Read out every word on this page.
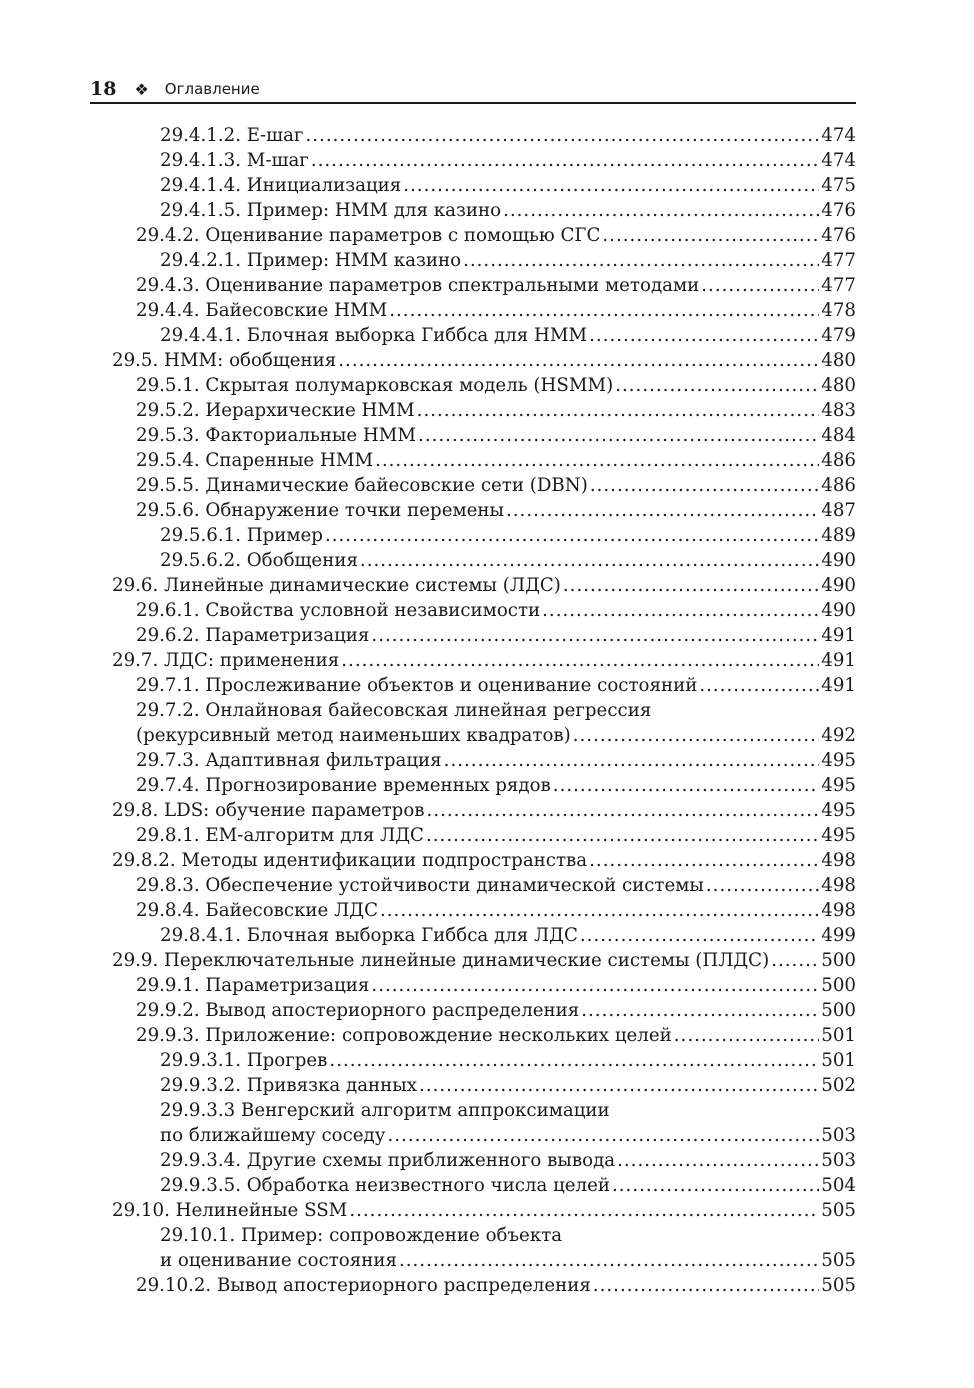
18 ❖ Оглавление
29.4.1.2. Е-шаг .....	474
29.4.1.3. М-шаг .....	474
29.4.1.4. Инициализация .....	475
29.4.1.5. Пример: НММ для казино .....	476
29.4.2. Оценивание параметров с помощью СГС .....	476
29.4.2.1. Пример: НММ казино .....	477
29.4.3. Оценивание параметров спектральными методами .....	477
29.4.4. Байесовские НММ .....	478
29.4.4.1. Блочная выборка Гиббса для НММ .....	479
29.5. НММ: обобщения .....	480
29.5.1. Скрытая полумарковская модель (HSMM) .....	480
29.5.2. Иерархические НММ .....	483
29.5.3. Факториальные НММ .....	484
29.5.4. Спаренные НММ .....	486
29.5.5. Динамические байесовские сети (DBN) .....	486
29.5.6. Обнаружение точки перемены .....	487
29.5.6.1. Пример .....	489
29.5.6.2. Обобщения .....	490
29.6. Линейные динамические системы (ЛДС) .....	490
29.6.1. Свойства условной независимости .....	490
29.6.2. Параметризация .....	491
29.7. ЛДС: применения .....	491
29.7.1. Прослеживание объектов и оценивание состояний .....	491
29.7.2. Онлайновая байесовская линейная регрессия
(рекурсивный метод наименьших квадратов) .....	492
29.7.3. Адаптивная фильтрация .....	495
29.7.4. Прогнозирование временных рядов .....	495
29.8. LDS: обучение параметров .....	495
29.8.1. ЕМ-алгоритм для ЛДС .....	495
29.8.2. Методы идентификации подпространства .....	498
29.8.3. Обеспечение устойчивости динамической системы .....	498
29.8.4. Байесовские ЛДС .....	498
29.8.4.1. Блочная выборка Гиббса для ЛДС .....	499
29.9. Переключательные линейные динамические системы (ПЛДС) .....	500
29.9.1. Параметризация .....	500
29.9.2. Вывод апостериорного распределения .....	500
29.9.3. Приложение: сопровождение нескольких целей .....	501
29.9.3.1. Прогрев .....	501
29.9.3.2. Привязка данных .....	502
29.9.3.3 Венгерский алгоритм аппроксимации
по ближайшему соседу .....	503
29.9.3.4. Другие схемы приближенного вывода .....	503
29.9.3.5. Обработка неизвестного числа целей .....	504
29.10. Нелинейные SSM .....	505
29.10.1. Пример: сопровождение объекта
и оценивание состояния .....	505
29.10.2. Вывод апостериорного распределения .....	505
